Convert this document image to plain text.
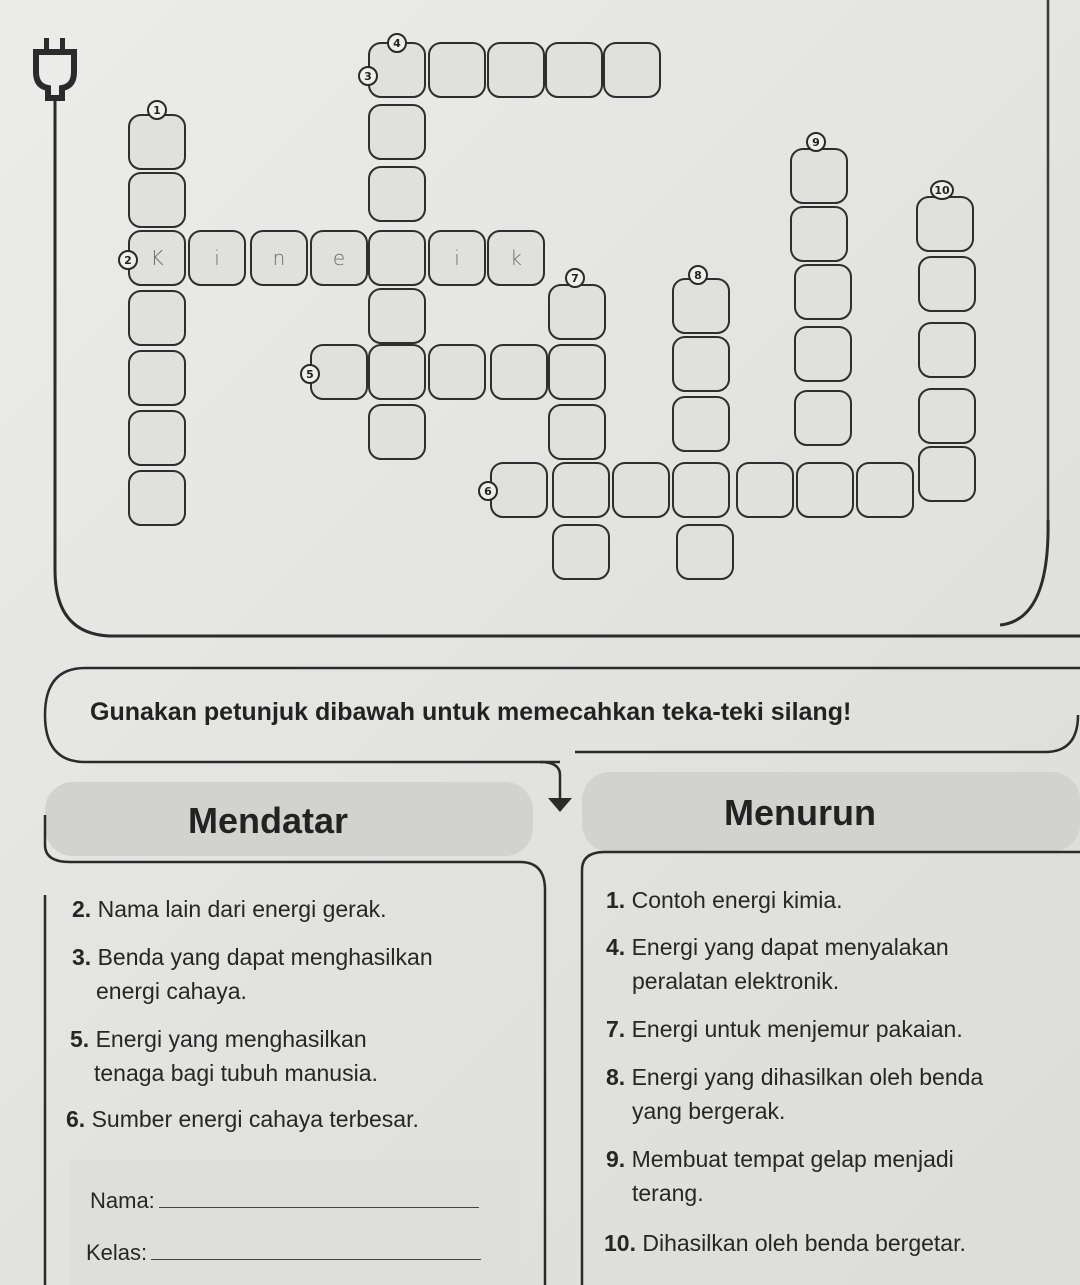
K	i	n	e	i	k
4
3
1
9
10
2
7	8
5
6
Gunakan petunjuk dibawah untuk memecahkan teka-teki silang!
Mendatar	Menurun
2. Nama lain dari energi gerak.
3. Benda yang dapat menghasilkan
energi cahaya.
5. Energi yang menghasilkan
tenaga bagi tubuh manusia.
6. Sumber energi cahaya terbesar.
1. Contoh energi kimia.
4. Energi yang dapat menyalakan
peralatan elektronik.
7. Energi untuk menjemur pakaian.
8. Energi yang dihasilkan oleh benda
yang bergerak.
9. Membuat tempat gelap menjadi
terang.
10. Dihasilkan oleh benda bergetar.
Nama:
Kelas:
